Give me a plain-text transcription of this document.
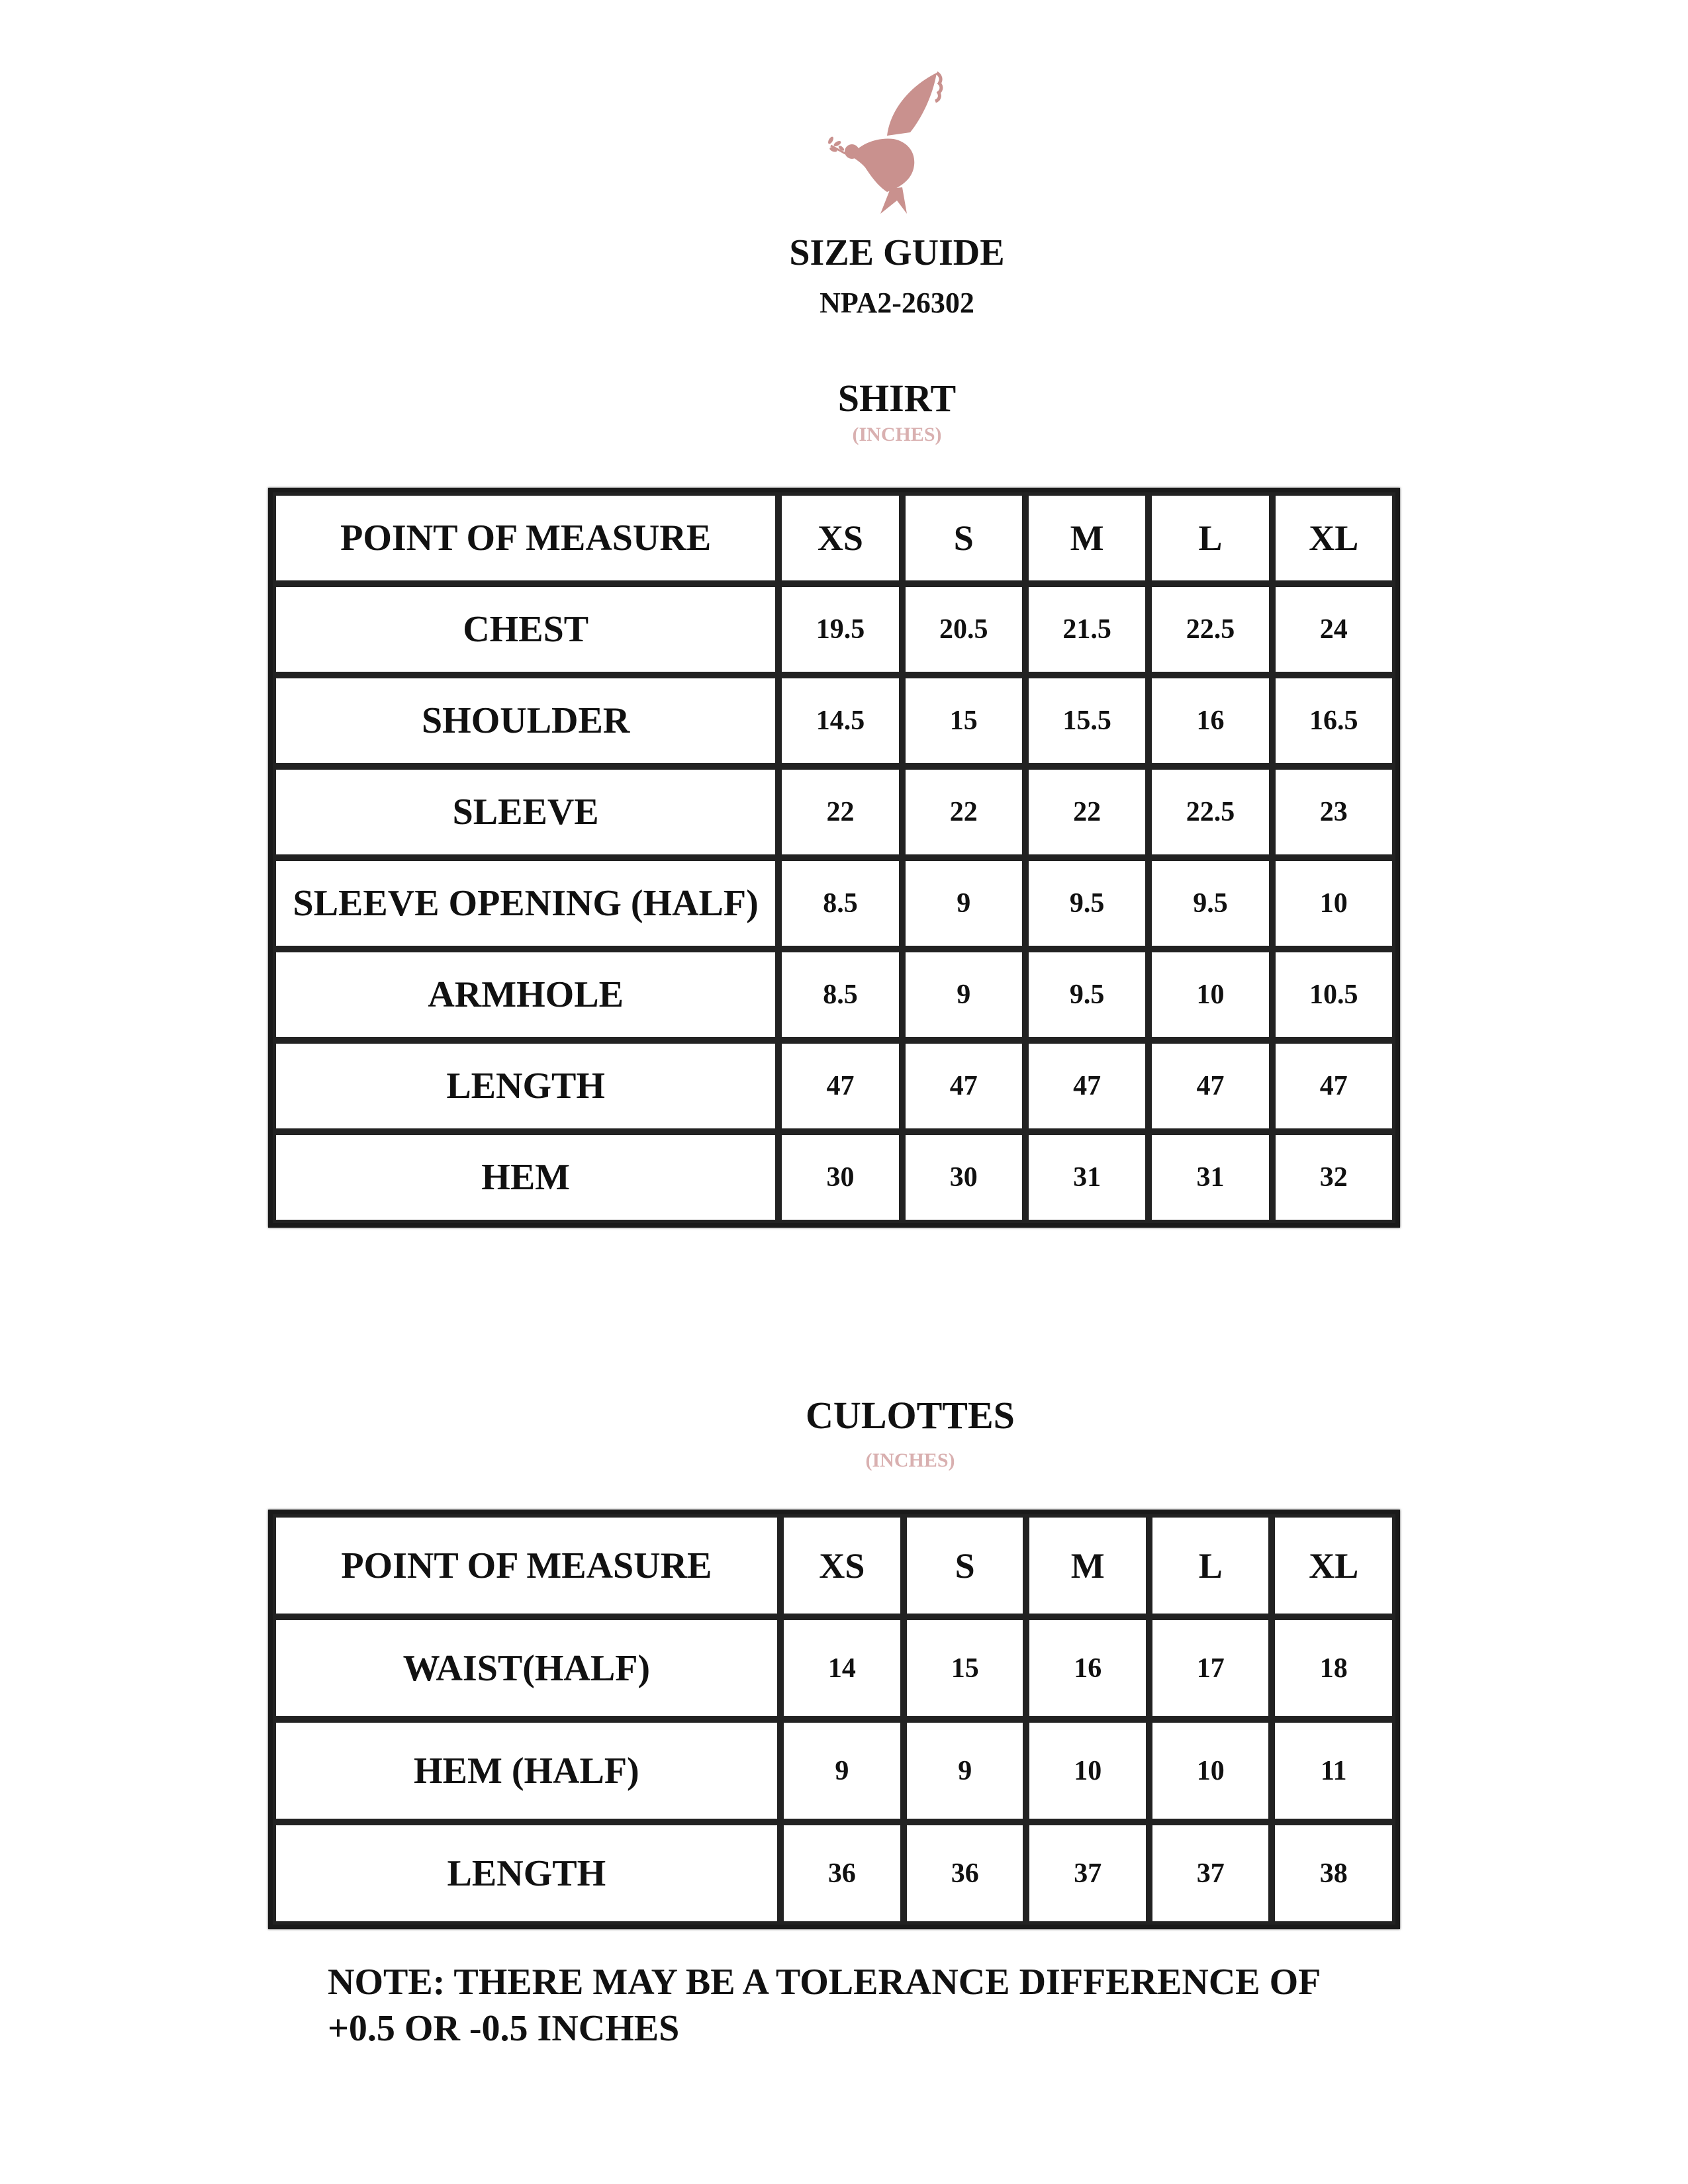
SIZE GUIDE
NPA2-26302
SHIRT
(INCHES)
POINT OF MEASURE	XS	S	M	L	XL
CHEST	19.5	20.5	21.5	22.5	24
SHOULDER	14.5	15	15.5	16	16.5
SLEEVE	22	22	22	22.5	23
SLEEVE OPENING (HALF)	8.5	9	9.5	9.5	10
ARMHOLE	8.5	9	9.5	10	10.5
LENGTH	47	47	47	47	47
HEM	30	30	31	31	32
CULOTTES
(INCHES)
POINT OF MEASURE	XS	S	M	L	XL
WAIST(HALF)	14	15	16	17	18
HEM (HALF)	9	9	10	10	11
LENGTH	36	36	37	37	38
NOTE: THERE MAY BE A TOLERANCE DIFFERENCE OF
+0.5 OR -0.5 INCHES
